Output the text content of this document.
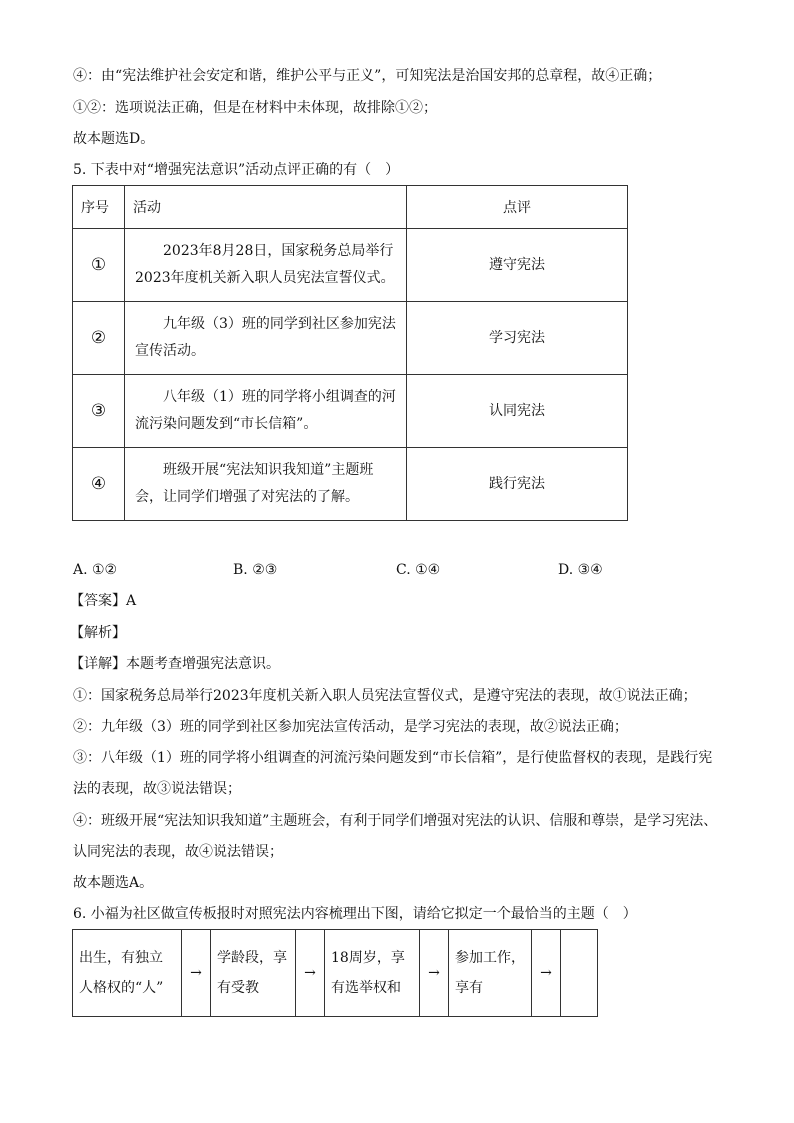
④：由“宪法维护社会安定和谐，维护公平与正义”，可知宪法是治国安邦的总章程，故④正确；
①②：选项说法正确，但是在材料中未体现，故排除①②；
故本题选D。
5. 下表中对“增强宪法意识”活动点评正确的有（　）
序号	活动	点评
①	2023年8月28日，国家税务总局举行2023年度机关新入职人员宪法宣誓仪式。	遵守宪法
②	九年级（3）班的同学到社区参加宪法宣传活动。	学习宪法
③	八年级（1）班的同学将小组调查的河流污染问题发到“市长信箱”。	认同宪法
④	班级开展“宪法知识我知道”主题班会，让同学们增强了对宪法的了解。	践行宪法
A. ①②	B. ②③	C. ①④	D. ③④
【答案】A
【解析】
【详解】本题考查增强宪法意识。
①：国家税务总局举行2023年度机关新入职人员宪法宣誓仪式，是遵守宪法的表现，故①说法正确；
②：九年级（3）班的同学到社区参加宪法宣传活动，是学习宪法的表现，故②说法正确；
③：八年级（1）班的同学将小组调查的河流污染问题发到“市长信箱”，是行使监督权的表现，是践行宪
法的表现，故③说法错误；
④：班级开展“宪法知识我知道”主题班会，有利于同学们增强对宪法的认识、信服和尊崇，是学习宪法、
认同宪法的表现，故④说法错误；
故本题选A。
6. 小福为社区做宣传板报时对照宪法内容梳理出下图，请给它拟定一个最恰当的主题（　）
出生，有独立人格权的“人”	→	学龄段，享有受教	→	18周岁，享有选举权和	→	参加工作，享有	→	
